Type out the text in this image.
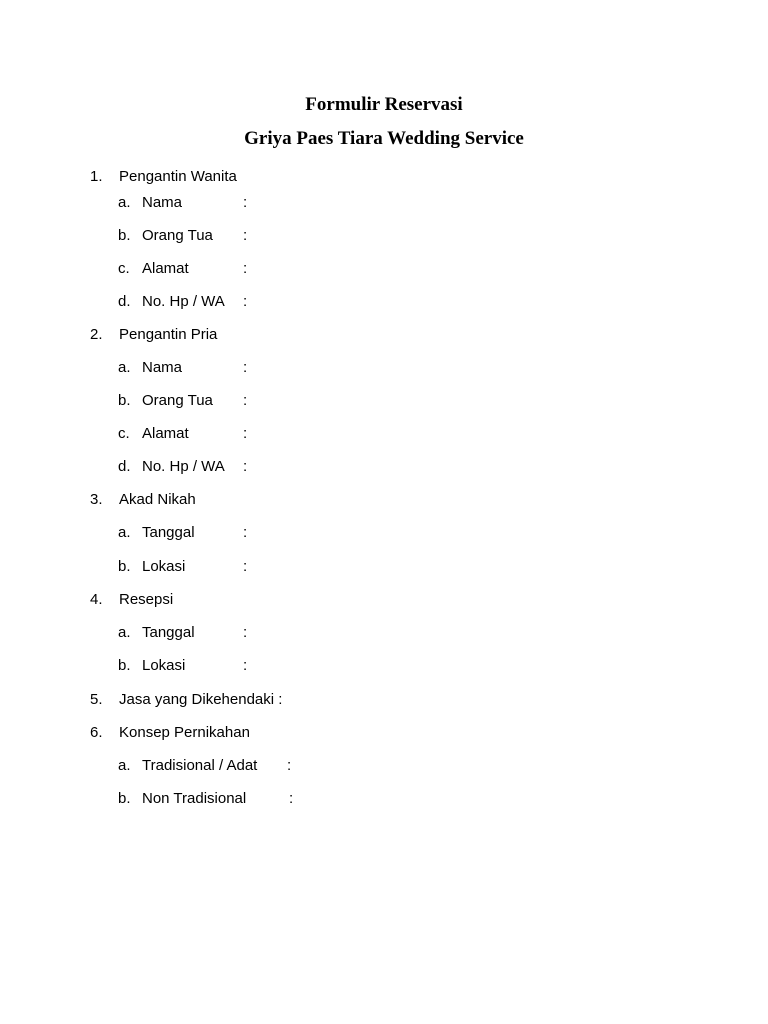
Formulir Reservasi
Griya Paes Tiara Wedding Service
1. Pengantin Wanita
a. Nama	:
b. Orang Tua :
c. Alamat	:
d. No. Hp / WA :
2. Pengantin Pria
a. Nama	:
b. Orang Tua :
c. Alamat	:
d. No. Hp / WA :
3. Akad Nikah
a. Tanggal	:
b. Lokasi	:
4. Resepsi
a. Tanggal	:
b. Lokasi	:
5. Jasa yang Dikehendaki :
6. Konsep Pernikahan
a. Tradisional / Adat :
b. Non Tradisional	:
